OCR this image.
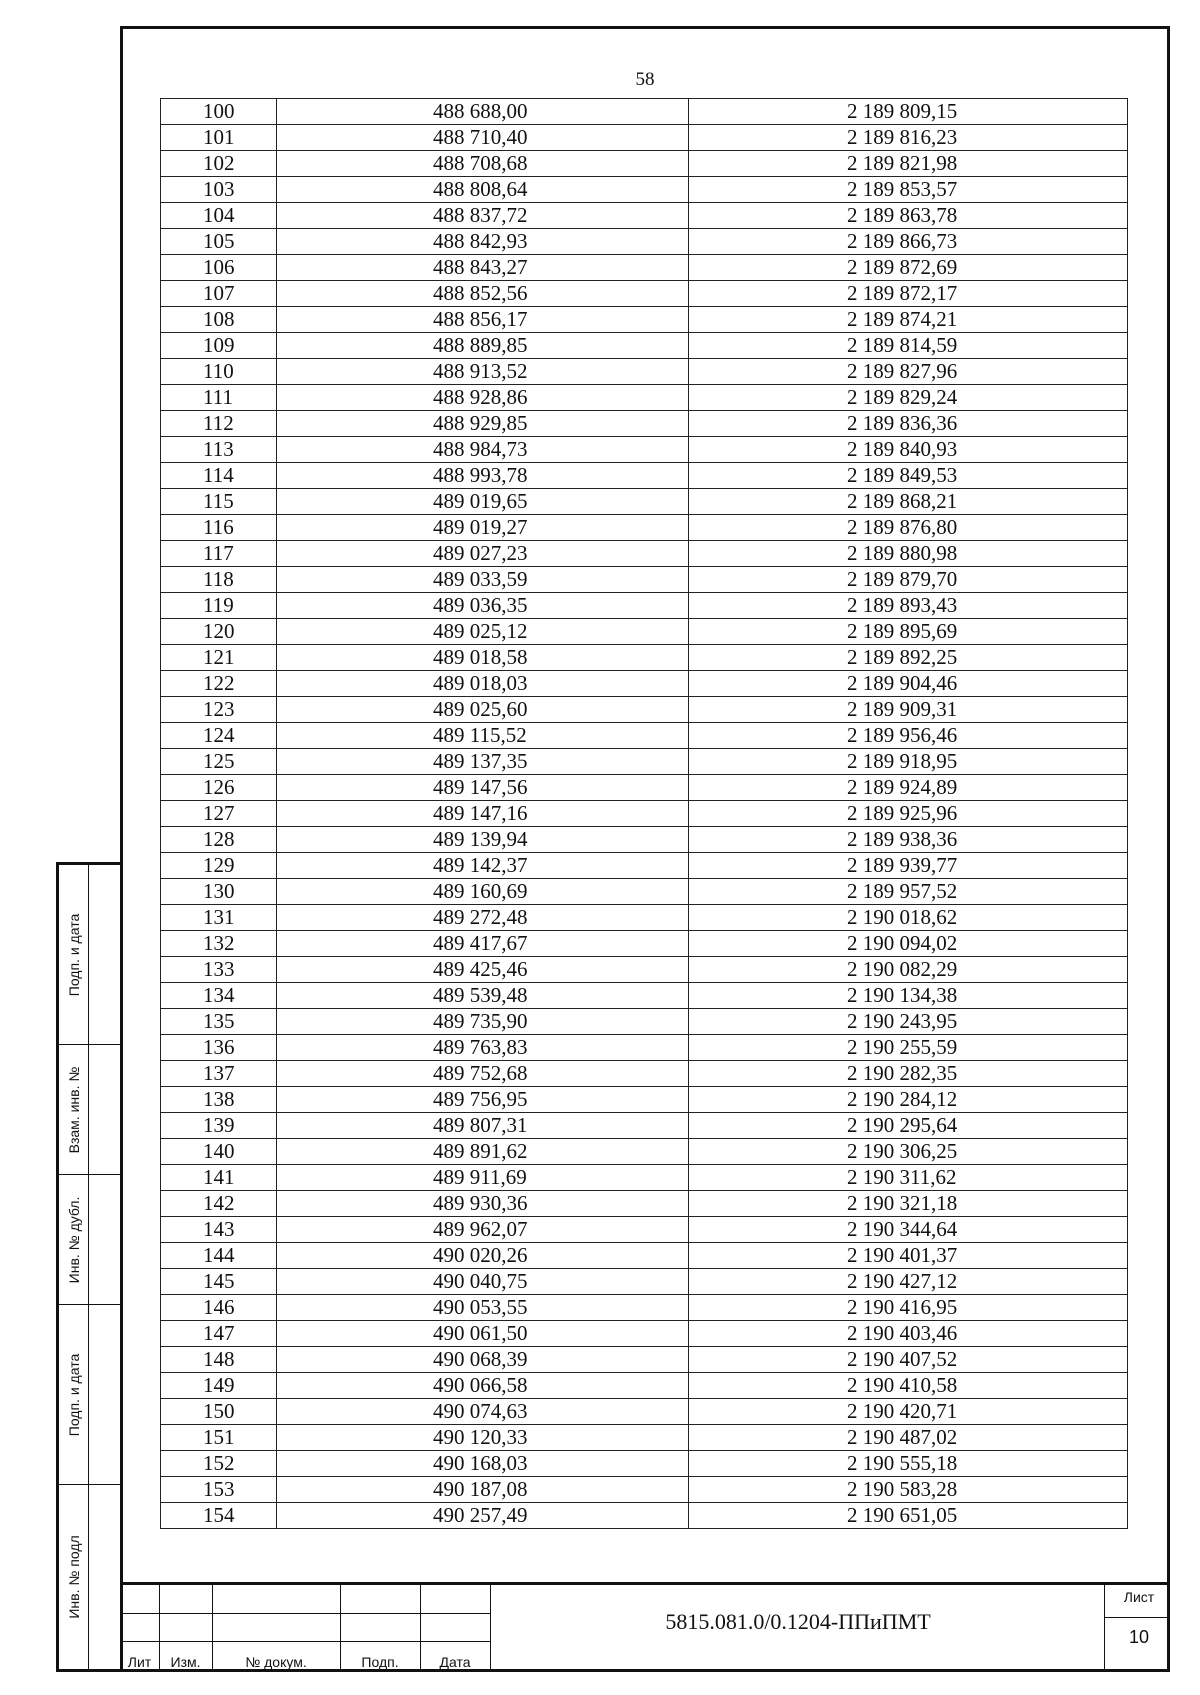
58
100	488 688,00	2 189 809,15
101	488 710,40	2 189 816,23
102	488 708,68	2 189 821,98
103	488 808,64	2 189 853,57
104	488 837,72	2 189 863,78
105	488 842,93	2 189 866,73
106	488 843,27	2 189 872,69
107	488 852,56	2 189 872,17
108	488 856,17	2 189 874,21
109	488 889,85	2 189 814,59
110	488 913,52	2 189 827,96
111	488 928,86	2 189 829,24
112	488 929,85	2 189 836,36
113	488 984,73	2 189 840,93
114	488 993,78	2 189 849,53
115	489 019,65	2 189 868,21
116	489 019,27	2 189 876,80
117	489 027,23	2 189 880,98
118	489 033,59	2 189 879,70
119	489 036,35	2 189 893,43
120	489 025,12	2 189 895,69
121	489 018,58	2 189 892,25
122	489 018,03	2 189 904,46
123	489 025,60	2 189 909,31
124	489 115,52	2 189 956,46
125	489 137,35	2 189 918,95
126	489 147,56	2 189 924,89
127	489 147,16	2 189 925,96
128	489 139,94	2 189 938,36
129	489 142,37	2 189 939,77
130	489 160,69	2 189 957,52
131	489 272,48	2 190 018,62
132	489 417,67	2 190 094,02
133	489 425,46	2 190 082,29
134	489 539,48	2 190 134,38
135	489 735,90	2 190 243,95
136	489 763,83	2 190 255,59
137	489 752,68	2 190 282,35
138	489 756,95	2 190 284,12
139	489 807,31	2 190 295,64
140	489 891,62	2 190 306,25
141	489 911,69	2 190 311,62
142	489 930,36	2 190 321,18
143	489 962,07	2 190 344,64
144	490 020,26	2 190 401,37
145	490 040,75	2 190 427,12
146	490 053,55	2 190 416,95
147	490 061,50	2 190 403,46
148	490 068,39	2 190 407,52
149	490 066,58	2 190 410,58
150	490 074,63	2 190 420,71
151	490 120,33	2 190 487,02
152	490 168,03	2 190 555,18
153	490 187,08	2 190 583,28
154	490 257,49	2 190 651,05
Подп. и дата
Взам. инв. №
Инв. № дубл.
Подп. и дата
Инв. № подл
Лит	Изм.	№ докум.	Подп.	Дата
5815.081.0/0.1204-ППиПМТ
Лист
10
